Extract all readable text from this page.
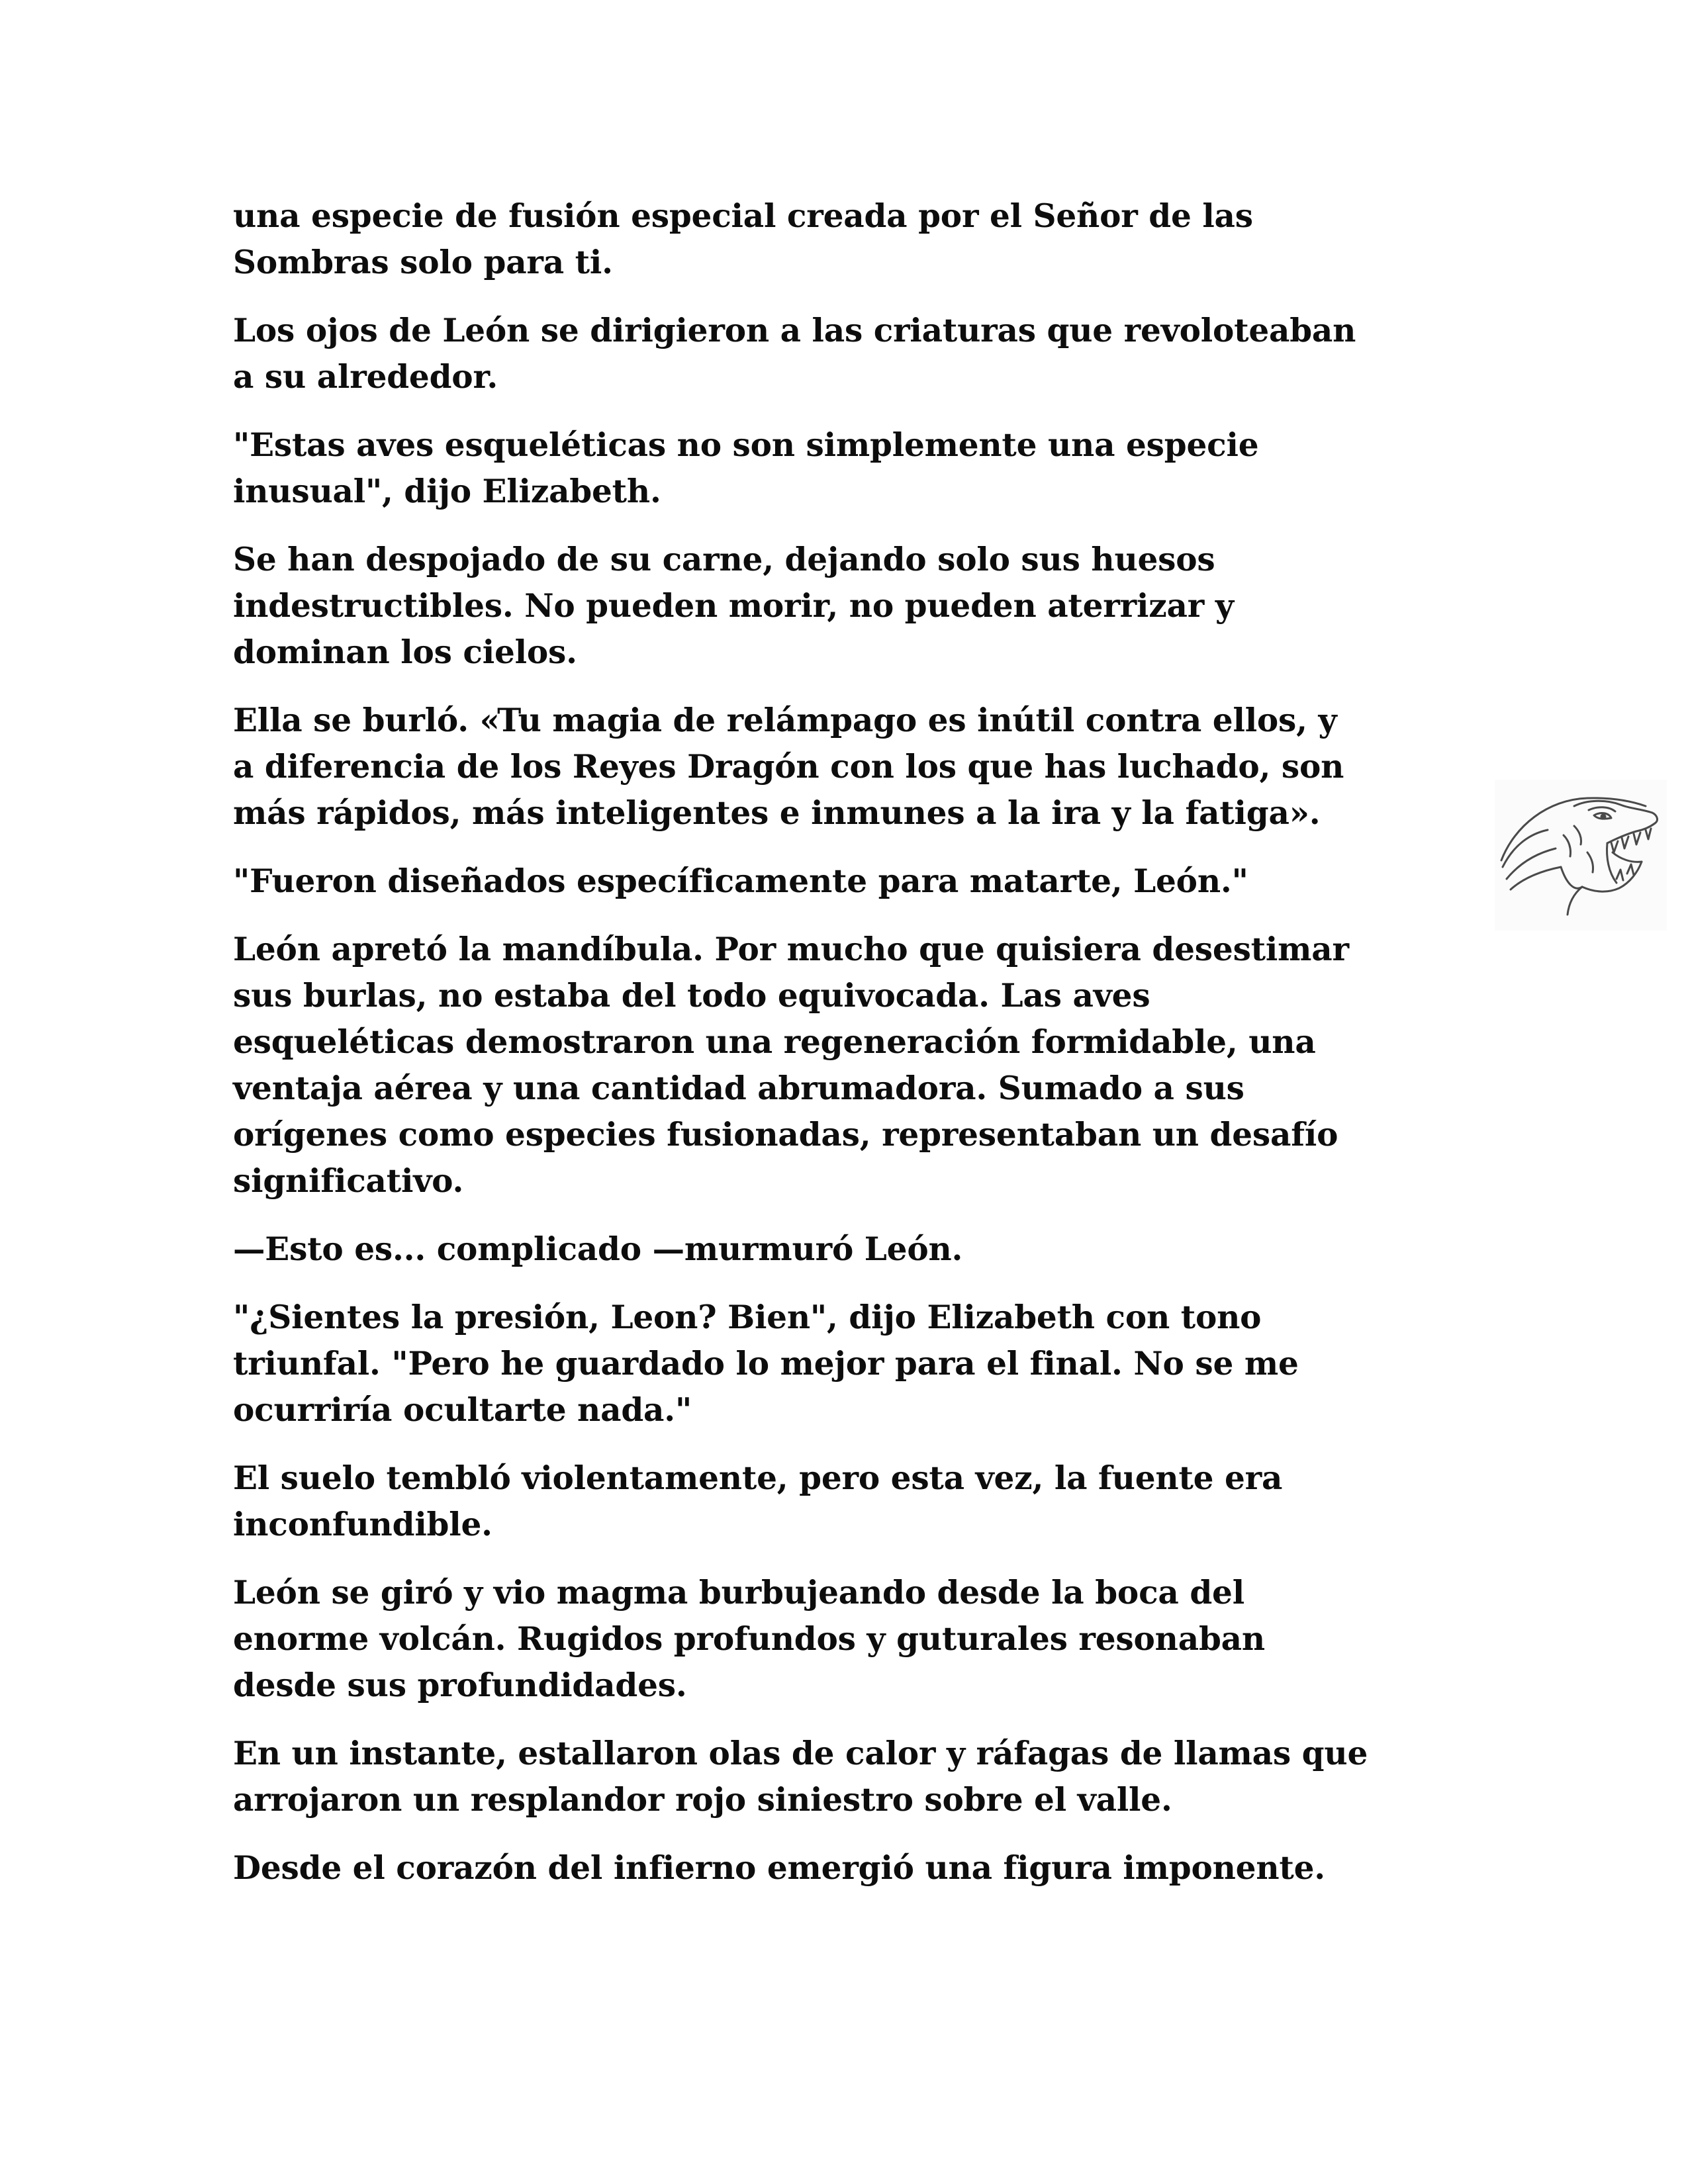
una especie de fusión especial creada por el Señor de las
Sombras solo para ti.

Los ojos de León se dirigieron a las criaturas que revoloteaban
a su alrededor.

"Estas aves esqueléticas no son simplemente una especie
inusual", dijo Elizabeth.

Se han despojado de su carne, dejando solo sus huesos
indestructibles. No pueden morir, no pueden aterrizar y
dominan los cielos.

Ella se burló. «Tu magia de relámpago es inútil contra ellos, y
a diferencia de los Reyes Dragón con los que has luchado, son
más rápidos, más inteligentes e inmunes a la ira y la fatiga».

"Fueron diseñados específicamente para matarte, León."

León apretó la mandíbula. Por mucho que quisiera desestimar
sus burlas, no estaba del todo equivocada. Las aves
esqueléticas demostraron una regeneración formidable, una
ventaja aérea y una cantidad abrumadora. Sumado a sus
orígenes como especies fusionadas, representaban un desafío
significativo.

—Esto es... complicado —murmuró León.

"¿Sientes la presión, Leon? Bien", dijo Elizabeth con tono
triunfal. "Pero he guardado lo mejor para el final. No se me
ocurriría ocultarte nada."

El suelo tembló violentamente, pero esta vez, la fuente era
inconfundible.

León se giró y vio magma burbujeando desde la boca del
enorme volcán. Rugidos profundos y guturales resonaban
desde sus profundidades.

En un instante, estallaron olas de calor y ráfagas de llamas que
arrojaron un resplandor rojo siniestro sobre el valle.

Desde el corazón del infierno emergió una figura imponente.
